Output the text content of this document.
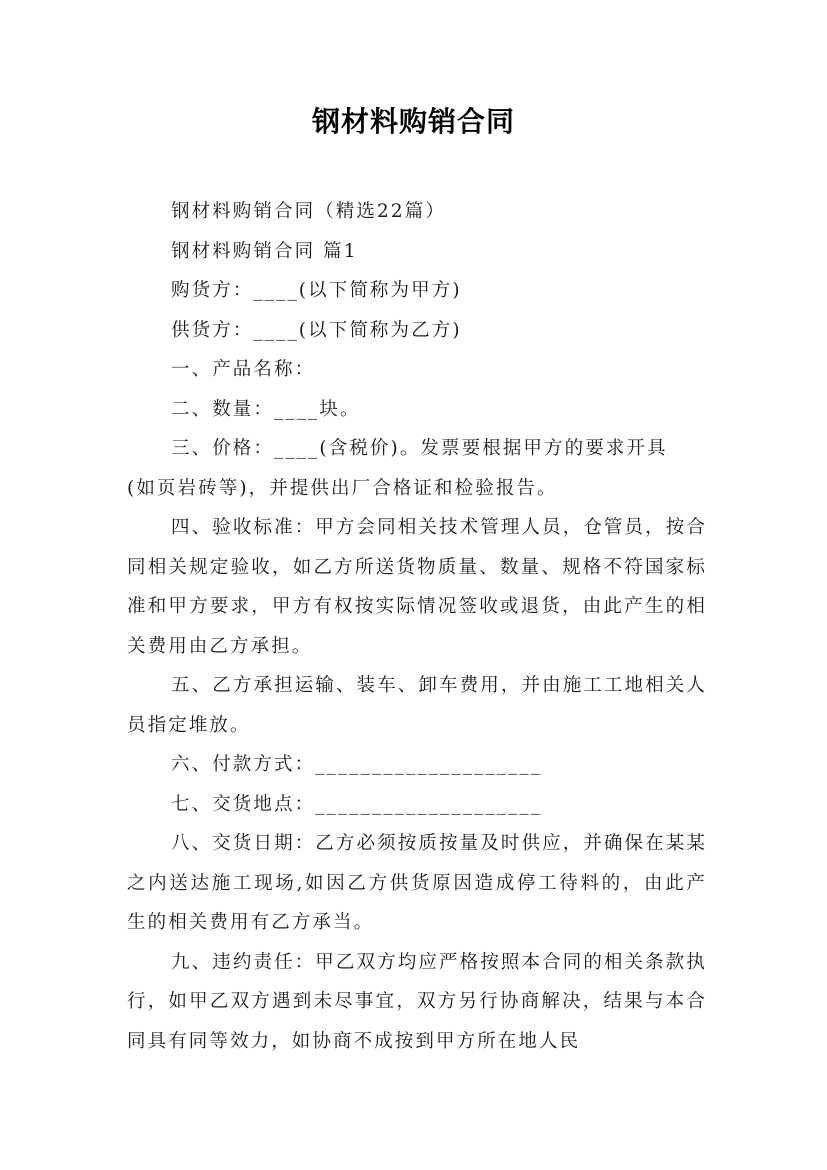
钢材料购销合同

钢材料购销合同（精选22篇）

钢材料购销合同 篇1

购货方：____(以下简称为甲方)

供货方：____(以下简称为乙方)

一、产品名称：

二、数量：____块。

三、价格：____(含税价)。发票要根据甲方的要求开具

(如页岩砖等)，并提供出厂合格证和检验报告。

四、验收标准：甲方会同相关技术管理人员，仓管员，按合同相关规定验收，如乙方所送货物质量、数量、规格不符国家标准和甲方要求，甲方有权按实际情况签收或退货，由此产生的相关费用由乙方承担。

五、乙方承担运输、装车、卸车费用，并由施工工地相关人员指定堆放。

六、付款方式：____________________

七、交货地点：____________________

八、交货日期：乙方必须按质按量及时供应，并确保在某某之内送达施工现场,如因乙方供货原因造成停工待料的，由此产生的相关费用有乙方承当。

九、违约责任：甲乙双方均应严格按照本合同的相关条款执行，如甲乙双方遇到未尽事宜，双方另行协商解决，结果与本合同具有同等效力，如协商不成按到甲方所在地人民
